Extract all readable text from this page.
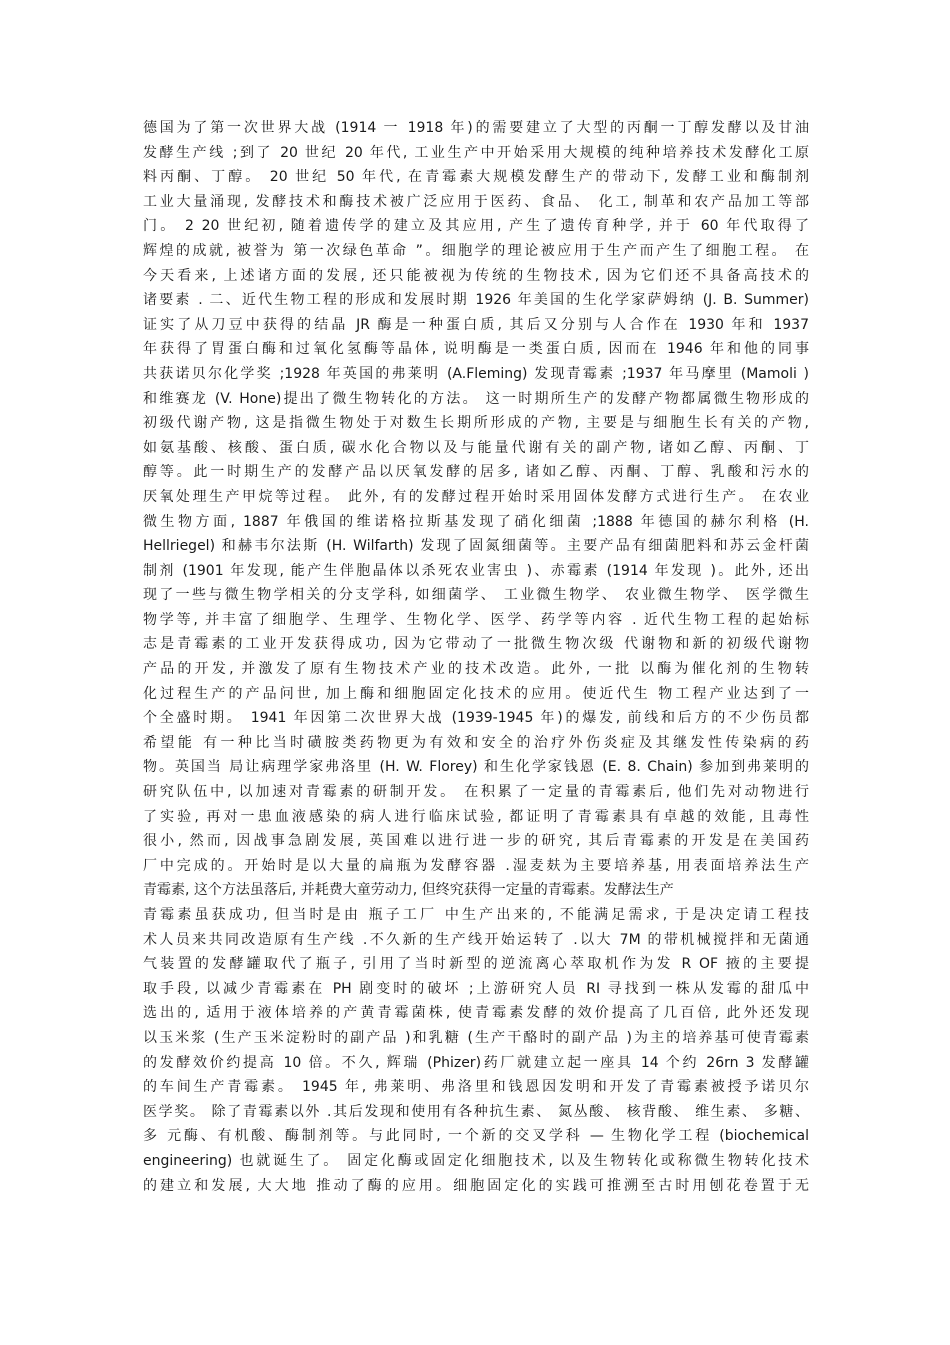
德国为了第一次世界大战 (1914 一 1918 年)的需要建立了大型的丙酮一丁醇发酵以及甘油
发酵生产线 ;到了 20 世纪 20 年代, 工业生产中开始采用大规模的纯种培养技术发酵化工原
料丙酮、丁醇。 20 世纪 50 年代, 在青霉素大规模发酵生产的带动下, 发酵工业和酶制剂
工业大量涌现, 发酵技术和酶技术被广泛应用于医药、食品、 化工, 制革和农产品加工等部
门。 2 20 世纪初, 随着遗传学的建立及其应用, 产生了遗传育种学, 并于 60 年代取得了
辉煌的成就, 被誉为 第一次绿色革命 ”。细胞学的理论被应用于生产而产生了细胞工程。 在
今天看来, 上述诸方面的发展, 还只能被视为传统的生物技术, 因为它们还不具备高技术的
诸要素 . 二、近代生物工程的形成和发展时期 1926 年美国的生化学家萨姆纳 (J. B. Summer)
证实了从刀豆中获得的结晶 JR 酶是一种蛋白质, 其后又分别与人合作在 1930 年和 1937
年获得了胃蛋白酶和过氧化氢酶等晶体, 说明酶是一类蛋白质, 因而在 1946 年和他的同事
共获诺贝尔化学奖 ;1928 年英国的弗莱明 (A.Fleming) 发现青霉素 ;1937 年马摩里 (Mamoli )
和维赛龙 (V. Hone)提出了微生物转化的方法。 这一时期所生产的发酵产物都属微生物形成的
初级代谢产物, 这是指微生物处于对数生长期所形成的产物, 主要是与细胞生长有关的产物,
如氨基酸、核酸、蛋白质, 碳水化合物以及与能量代谢有关的副产物, 诸如乙醇、丙酮、丁
醇等。此一时期生产的发酵产品以厌氧发酵的居多, 诸如乙醇、丙酮、丁醇、乳酸和污水的
厌氧处理生产甲烷等过程。 此外, 有的发酵过程开始时采用固体发酵方式进行生产。 在农业
微生物方面, 1887 年俄国的维诺格拉斯基发现了硝化细菌 ;1888 年德国的赫尔利格 (H.
Hellriegel) 和赫韦尔法斯 (H. Wilfarth) 发现了固氮细菌等。主要产品有细菌肥料和苏云金杆菌
制剂 (1901 年发现, 能产生伴胞晶体以杀死农业害虫 )、赤霉素 (1914 年发现 )。此外, 还出
现了一些与微生物学相关的分支学科, 如细菌学、 工业微生物学、 农业微生物学、 医学微生
物学等, 并丰富了细胞学、生理学、生物化学、医学、药学等内容 . 近代生物工程的起始标
志是青霉素的工业开发获得成功, 因为它带动了一批微生物次级 代谢物和新的初级代谢物
产品的开发, 并激发了原有生物技术产业的技术改造。此外, 一批 以酶为催化剂的生物转
化过程生产的产品问世, 加上酶和细胞固定化技术的应用。使近代生 物工程产业达到了一
个全盛时期。 1941 年因第二次世界大战 (1939-1945 年)的爆发, 前线和后方的不少伤员都
希望能 有一种比当时磺胺类药物更为有效和安全的治疗外伤炎症及其继发性传染病的药
物。英国当 局让病理学家弗洛里 (H. W. Florey) 和生化学家钱恩 (E. 8. Chain) 参加到弗莱明的
研究队伍中, 以加速对青霉素的研制开发。 在积累了一定量的青霉素后, 他们先对动物进行
了实验, 再对一患血液感染的病人进行临床试验, 都证明了青霉素具有卓越的效能, 且毒性
很小, 然而, 因战事急剧发展, 英国难以进行进一步的研究, 其后青霉素的开发是在美国药
厂中完成的。开始时是以大量的扁瓶为发酵容器 .湿麦麸为主要培养基, 用表面培养法生产
青霉素, 这个方法虽落后, 并耗费大童劳动力, 但终究获得一定量的青霉素。发酵法生产
青霉素虽获成功, 但当时是由 瓶子工厂 中生产出来的, 不能满足需求, 于是决定请工程技
术人员来共同改造原有生产线 .不久新的生产线开始运转了 .以大 7M 的带机械搅拌和无菌通
气装置的发酵罐取代了瓶子, 引用了当时新型的逆流离心萃取机作为发 R OF 掖的主要提
取手段, 以减少青霉素在 PH 剧变时的破坏 ;上游研究人员 RI 寻找到一株从发霉的甜瓜中
选出的, 适用于液体培养的产黄青霉菌株, 使青霉素发酵的效价提高了几百倍, 此外还发现
以玉米浆 (生产玉米淀粉时的副产品 )和乳糖 (生产干酪时的副产品 )为主的培养基可使青霉素
的发酵效价约提高 10 倍。不久, 辉瑞 (Phizer)药厂就建立起一座具 14 个约 26rn 3 发酵罐
的车间生产青霉素。 1945 年, 弗莱明、弗洛里和钱恩因发明和开发了青霉素被授予诺贝尔
医学奖。 除了青霉素以外 .其后发现和使用有各种抗生素、 氮丛酸、 核背酸、 维生素、 多糖、
多 元酶、有机酸、酶制剂等。与此同时, 一个新的交叉学科 — 生物化学工程 (biochemical
engineering) 也就诞生了。 固定化酶或固定化细胞技术, 以及生物转化或称微生物转化技术
的建立和发展, 大大地 推动了酶的应用。细胞固定化的实践可推溯至古时用刨花卷置于无
